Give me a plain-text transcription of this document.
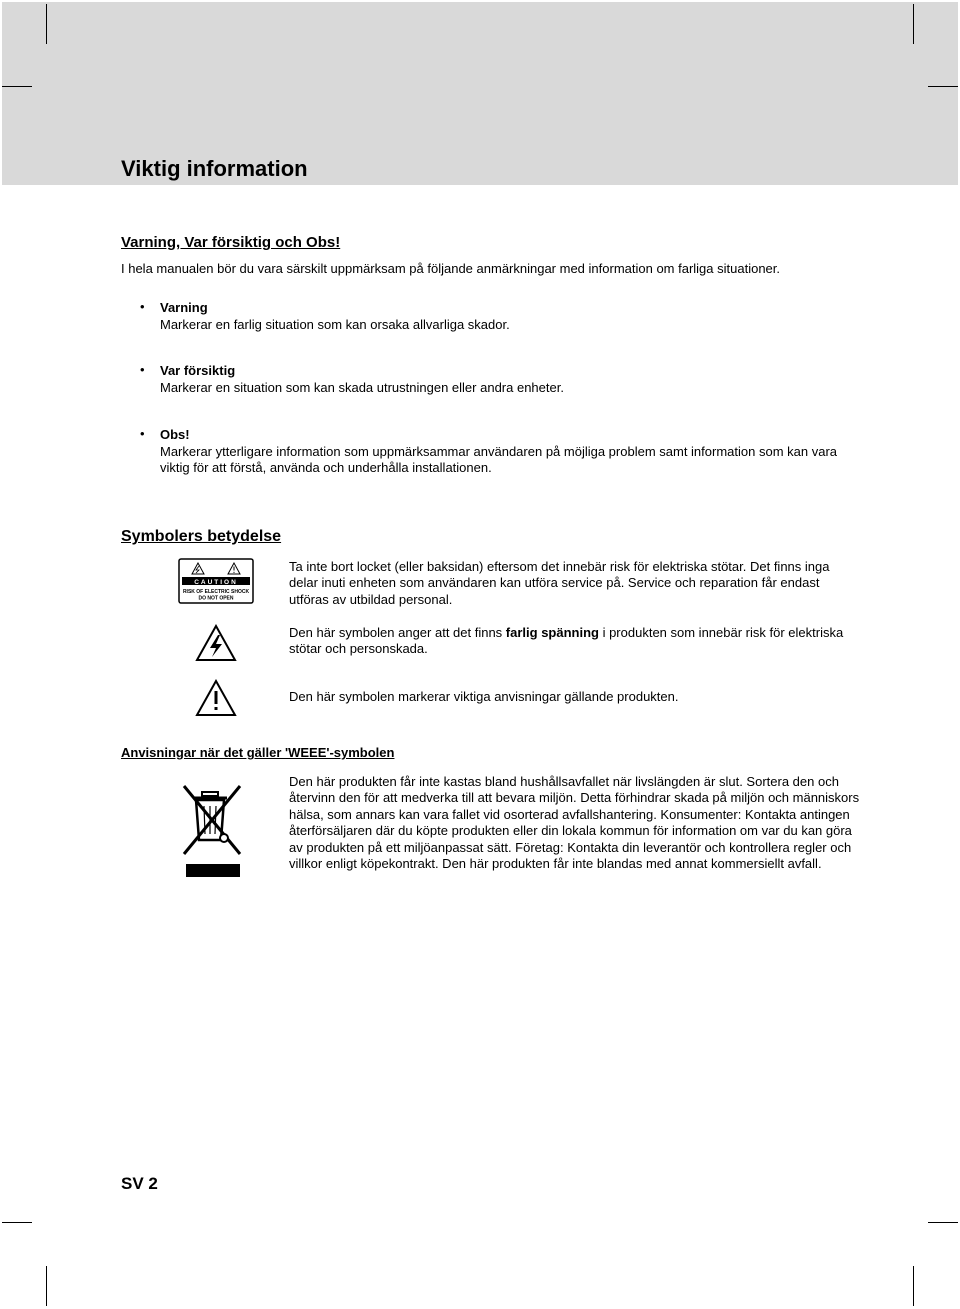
Viktig information
Varning, Var försiktig och Obs!

I hela manualen bör du vara särskilt uppmärksam på följande anmärkningar med information om farliga situationer.

• Varning

Markerar en farlig situation som kan orsaka allvarliga skador.

• Var försiktig

Markerar en situation som kan skada utrustningen eller andra enheter.

• Obs!

Markerar ytterligare information som uppmärksammar användaren på möjliga problem samt information som kan vara viktig för att förstå, använda och underhålla installationen.

Symbolers betydelse
CAUTION
RISK OF ELECTRIC SHOCK
DO NOT OPEN

Ta inte bort locket (eller baksidan) eftersom det innebär risk för elektriska stötar. Det finns inga delar inuti enheten som användaren kan utföra service på. Service och reparation får endast utföras av utbildad personal.

Den här symbolen anger att det finns farlig spänning i produkten som innebär risk för elektriska stötar och personskada.

Den här symbolen markerar viktiga anvisningar gällande produkten.

Anvisningar när det gäller 'WEEE'-symbolen

Den här produkten får inte kastas bland hushållsavfallet när livslängden är slut. Sortera den och återvinn den för att medverka till att bevara miljön. Detta förhindrar skada på miljön och människors hälsa, som annars kan vara fallet vid osorterad avfallshantering. Konsumenter: Kontakta antingen återförsäljaren där du köpte produkten eller din lokala kommun för information om var du kan göra av produkten på ett miljöanpassat sätt. Företag: Kontakta din leverantör och kontrollera regler och villkor enligt köpekontrakt. Den här produkten får inte blandas med annat kommersiellt avfall.

SV 2
